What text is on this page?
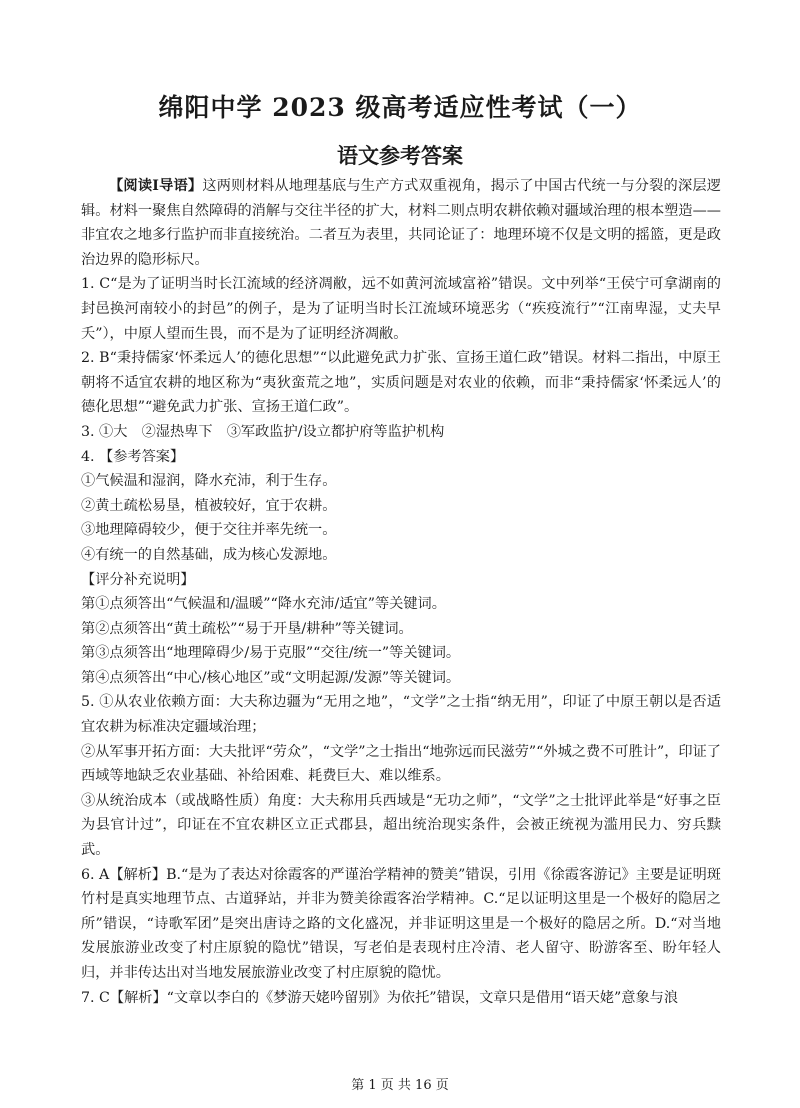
绵阳中学 2023 级高考适应性考试（一）
语文参考答案

【阅读I导语】这两则材料从地理基底与生产方式双重视角，揭示了中国古代统一与分裂的深层逻辑。材料一聚焦自然障碍的消解与交往半径的扩大，材料二则点明农耕依赖对疆域治理的根本塑造——非宜农之地多行监护而非直接统治。二者互为表里，共同论证了：地理环境不仅是文明的摇篮，更是政治边界的隐形标尺。

1. C“是为了证明当时长江流域的经济凋敝，远不如黄河流域富裕”错误。文中列举“王侯宁可拿湖南的封邑换河南较小的封邑”的例子，是为了证明当时长江流域环境恶劣（“疾疫流行”“江南卑湿，丈夫早夭”），中原人望而生畏，而不是为了证明经济凋敝。

2. B“秉持儒家‘怀柔远人’的德化思想”“以此避免武力扩张、宣扬王道仁政”错误。材料二指出，中原王朝将不适宜农耕的地区称为“夷狄蛮荒之地”，实质问题是对农业的依赖，而非“秉持儒家‘怀柔远人’的德化思想”“避免武力扩张、宣扬王道仁政”。

3. ①大　②湿热卑下　③军政监护/设立都护府等监护机构

4. 【参考答案】

①气候温和湿润，降水充沛，利于生存。

②黄土疏松易垦，植被较好，宜于农耕。

③地理障碍较少，便于交往并率先统一。

④有统一的自然基础，成为核心发源地。

【评分补充说明】

第①点须答出“气候温和/温暖”“降水充沛/适宜”等关键词。

第②点须答出“黄土疏松”“易于开垦/耕种”等关键词。

第③点须答出“地理障碍少/易于克服”“交往/统一”等关键词。

第④点须答出“中心/核心地区”或“文明起源/发源”等关键词。

5. ①从农业依赖方面：大夫称边疆为“无用之地”，“文学”之士指“纳无用”，印证了中原王朝以是否适宜农耕为标准决定疆域治理；

②从军事开拓方面：大夫批评“劳众”，“文学”之士指出“地弥远而民滋劳”“外城之费不可胜计”，印证了西域等地缺乏农业基础、补给困难、耗费巨大、难以维系。

③从统治成本（或战略性质）角度：大夫称用兵西域是“无功之师”，“文学”之士批评此举是“好事之臣为县官计过”，印证在不宜农耕区立正式郡县，超出统治现实条件，会被正统视为滥用民力、穷兵黩武。

6. A【解析】B.“是为了表达对徐霞客的严谨治学精神的赞美”错误，引用《徐霞客游记》主要是证明斑竹村是真实地理节点、古道驿站，并非为赞美徐霞客治学精神。C.“足以证明这里是一个极好的隐居之所”错误，“诗歌军团”是突出唐诗之路的文化盛况，并非证明这里是一个极好的隐居之所。D.“对当地发展旅游业改变了村庄原貌的隐忧”错误，写老伯是表现村庄冷清、老人留守、盼游客至、盼年轻人归，并非传达出对当地发展旅游业改变了村庄原貌的隐忧。

7. C【解析】“文章以李白的《梦游天姥吟留别》为依托”错误，文章只是借用“语天姥”意象与浪

第 1 页 共 16 页
